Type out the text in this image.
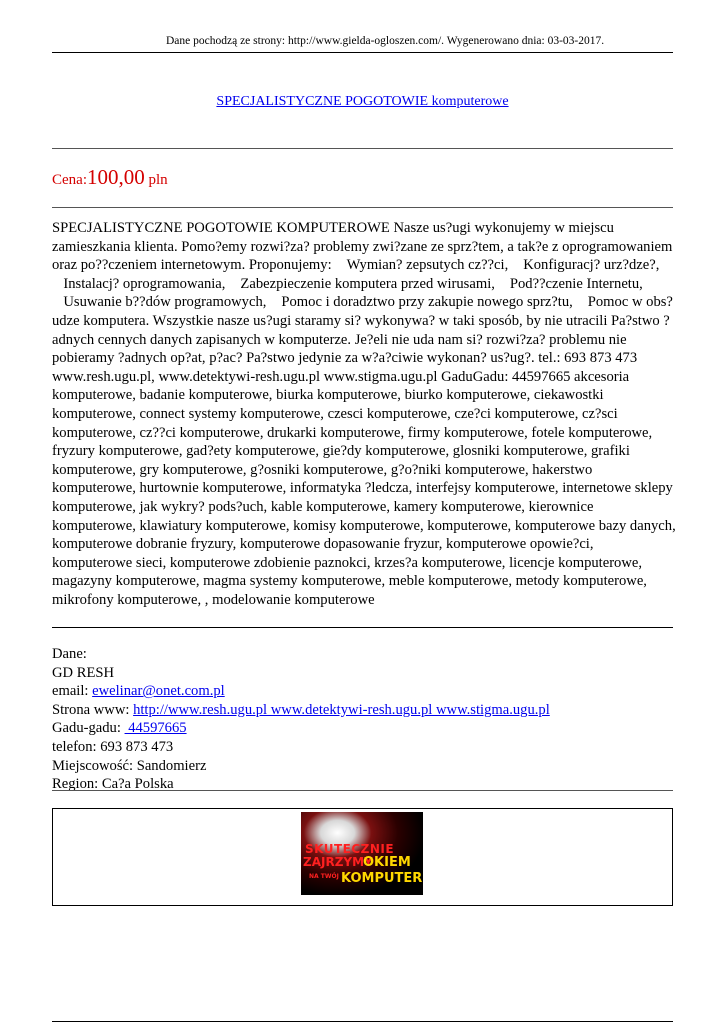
Dane pochodzą ze strony: http://www.gielda-ogloszen.com/. Wygenerowano dnia: 03-03-2017.
SPECJALISTYCZNE POGOTOWIE komputerowe
Cena:100,00 pln

SPECJALISTYCZNE POGOTOWIE KOMPUTEROWE Nasze us?ugi wykonujemy w miejscu zamieszkania klienta. Pomo?emy rozwi?za? problemy zwi?zane ze sprz?tem, a tak?e z oprogramowaniem oraz po??czeniem internetowym. Proponujemy: Wymian? zepsutych cz??ci, Konfiguracj? urz?dze?, Instalacj? oprogramowania, Zabezpieczenie komputera przed wirusami, Pod??czenie Internetu, Usuwanie b??dów programowych, Pomoc i doradztwo przy zakupie nowego sprz?tu, Pomoc w obs?udze komputera. Wszystkie nasze us?ugi staramy si? wykonywa? w taki sposób, by nie utracili Pa?stwo ?adnych cennych danych zapisanych w komputerze. Je?eli nie uda nam si? rozwi?za? problemu nie pobieramy ?adnych op?at, p?ac? Pa?stwo jedynie za w?a?ciwie wykonan? us?ug?. tel.: 693 873 473 www.resh.ugu.pl, www.detektywi-resh.ugu.pl www.stigma.ugu.pl GaduGadu: 44597665 akcesoria komputerowe, badanie komputerowe, biurka komputerowe, biurko komputerowe, ciekawostki komputerowe, connect systemy komputerowe, czesci komputerowe, cze?ci komputerowe, cz?sci komputerowe, cz??ci komputerowe, drukarki komputerowe, firmy komputerowe, fotele komputerowe, fryzury komputerowe, gad?ety komputerowe, gie?dy komputerowe, glosniki komputerowe, grafiki komputerowe, gry komputerowe, g?osniki komputerowe, g?o?niki komputerowe, hakerstwo komputerowe, hurtownie komputerowe, informatyka ?ledcza, interfejsy komputerowe, internetowe sklepy komputerowe, jak wykry? pods?uch, kable komputerowe, kamery komputerowe, kierownice komputerowe, klawiatury komputerowe, komisy komputerowe, komputerowe, komputerowe bazy danych, komputerowe dobranie fryzury, komputerowe dopasowanie fryzur, komputerowe opowie?ci, komputerowe sieci, komputerowe zdobienie paznokci, krzes?a komputerowe, licencje komputerowe, magazyny komputerowe, magma systemy komputerowe, meble komputerowe, metody komputerowe, mikrofony komputerowe, , modelowanie komputerowe

Dane:
GD RESH
email: ewelinar@onet.com.pl
Strona www: http://www.resh.ugu.pl www.detektywi-resh.ugu.pl www.stigma.ugu.pl
Gadu-gadu:  44597665
telefon: 693 873 473
Miejscowość: Sandomierz
Region: Ca?a Polska
SKUTECZNIE
ZAJRZYMY
OKIEM
NA TWÓJ KOMPUTER
